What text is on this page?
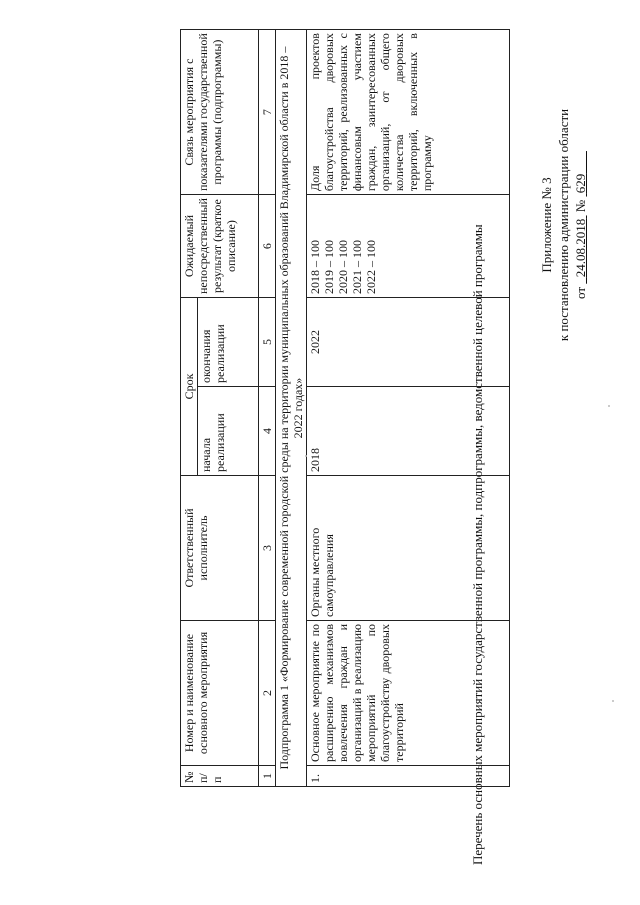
Приложение № 3 к постановлению администрации области от   24.08.2018  №  629
Перечень основных мероприятий государственной программы, подпрограммы, ведомственной целевой программы
№ п/п	Номер и наименование основного мероприятия	Ответственный исполнитель	Срок		Ожидаемый непосредственный результат (краткое описание)	Связь мероприятия с показателями государственной программы (подпрограммы)
			начала реализации	окончания реализации		
1	2	3	4	5	6	7
Подпрограмма 1 «Формирование современной городской среды на территории муниципальных образований Владимирской области в 2018 – 2022 годах»						
1.	Основное мероприятие по расширению механизмов вовлечения граждан и организаций в реализацию мероприятий по благоустройству дворовых территорий	Органы местного самоуправления	2018	2022	2018 – 100 2019 – 100 2020 – 100 2021 – 100 2022 – 100	Доля проектов благоустройства дворовых территорий, реализованных с финансовым участием граждан, заинтересованных организаций, от общего количества дворовых территорий, включенных в программу
